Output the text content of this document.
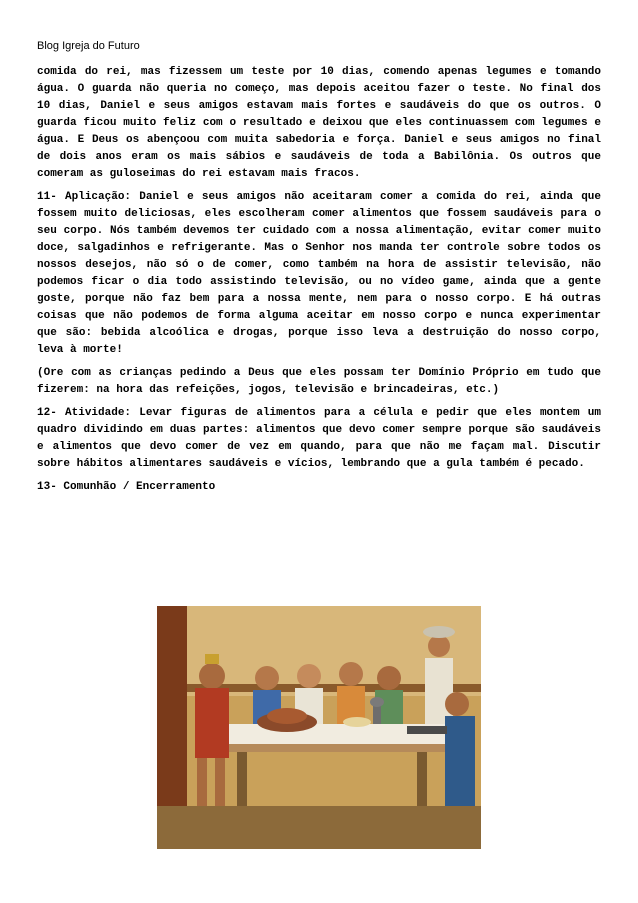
Blog Igreja do Futuro

comida do rei, mas fizessem um teste por 10 dias, comendo apenas legumes e tomando água. O guarda não queria no começo, mas depois aceitou fazer o teste. No final dos 10 dias, Daniel e seus amigos estavam mais fortes e saudáveis do que os outros. O guarda ficou muito feliz com o resultado e deixou que eles continuassem com legumes e água. E Deus os abençoou com muita sabedoria e força. Daniel e seus amigos no final de dois anos eram os mais sábios e saudáveis de toda a Babilônia. Os outros que comeram as guloseimas do rei estavam mais fracos.

11- Aplicação: Daniel e seus amigos não aceitaram comer a comida do rei, ainda que fossem muito deliciosas, eles escolheram comer alimentos que fossem saudáveis para o seu corpo. Nós também devemos ter cuidado com a nossa alimentação, evitar comer muito doce, salgadinhos e refrigerante. Mas o Senhor nos manda ter controle sobre todos os nossos desejos, não só o de comer, como também na hora de assistir televisão, não podemos ficar o dia todo assistindo televisão, ou no vídeo game, ainda que a gente goste, porque não faz bem para a nossa mente, nem para o nosso corpo. E há outras coisas que não podemos de forma alguma aceitar em nosso corpo e nunca experimentar que são: bebida alcoólica e drogas, porque isso leva a destruição do nosso corpo, leva à morte!

(Ore com as crianças pedindo a Deus que eles possam ter Domínio Próprio em tudo que fizerem: na hora das refeições, jogos, televisão e brincadeiras, etc.)

12- Atividade: Levar figuras de alimentos para a célula e pedir que eles montem um quadro dividindo em duas partes: alimentos que devo comer sempre porque são saudáveis e alimentos que devo comer de vez em quando, para que não me façam mal. Discutir sobre hábitos alimentares saudáveis e vícios, lembrando que a gula também é pecado.

13- Comunhão / Encerramento
